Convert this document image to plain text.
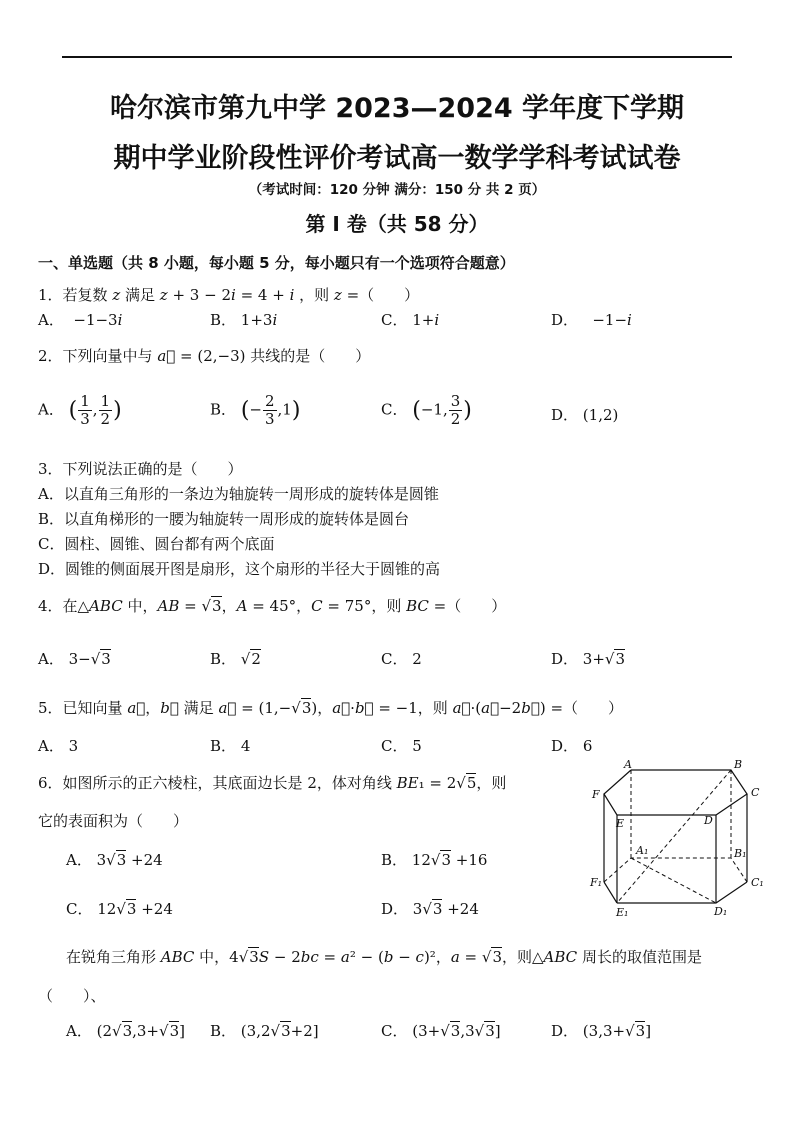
哈尔滨市第九中学 2023—2024 学年度下学期
期中学业阶段性评价考试高一数学学科考试试卷
（考试时间：120 分钟 满分：150 分 共 2 页）
第 I 卷（共 58 分）
一、单选题（共 8 小题，每小题 5 分，每小题只有一个选项符合题意）
1．若复数 z 满足 z + 3 − 2i = 4 + i ，则 z =（　　）
A．  −1−3i	B． 1+3i	C． 1+i	D．   −1−i
2．下列向量中与 a⃗ = (2,−3) 共线的是（　　）
A． ( $\frac{1}{3}$ , $\frac{1}{2}$ )	B． (− $\frac{2}{3} ,1$)	C． (−1, $\frac{3}{2}$ )	D． (1,2)
3．下列说法正确的是（　　）
A．以直角三角形的一条边为轴旋转一周形成的旋转体是圆锥
B．以直角梯形的一腰为轴旋转一周形成的旋转体是圆台
C．圆柱、圆锥、圆台都有两个底面
D．圆锥的侧面展开图是扇形，这个扇形的半径大于圆锥的高
4．在△ABC 中，AB = √3，A = 45°，C = 75°，则 BC =（　　）
A． 3−√3	B． √2	C． 2	D． 3+√3
5．已知向量 a⃗，b⃗ 满足 a⃗ = (1,−√3)，a⃗·b⃗ = −1，则 a⃗·(a⃗−2b⃗) =（　　）
A． 3	B． 4	C． 5	D． 6
6．如图所示的正六棱柱，其底面边长是 2，体对角线 BE₁ = 2√5，则
它的表面积为（　　）
A． 3√3 +24	B． 12√3 +16
C． 12√3 +24	D． 3√3 +24
A	B
C
D
E
F
A₁	B₁
C₁
D₁
E₁
F₁
在锐角三角形 ABC 中，4√3S − 2bc = a² − (b − c)²，a = √3，则△ABC 周长的取值范围是
（　　）、
A． (2√3,3+√3] B． (3,2√3+2]	C． (3+√3,3√3]	D． (3,3+√3]
